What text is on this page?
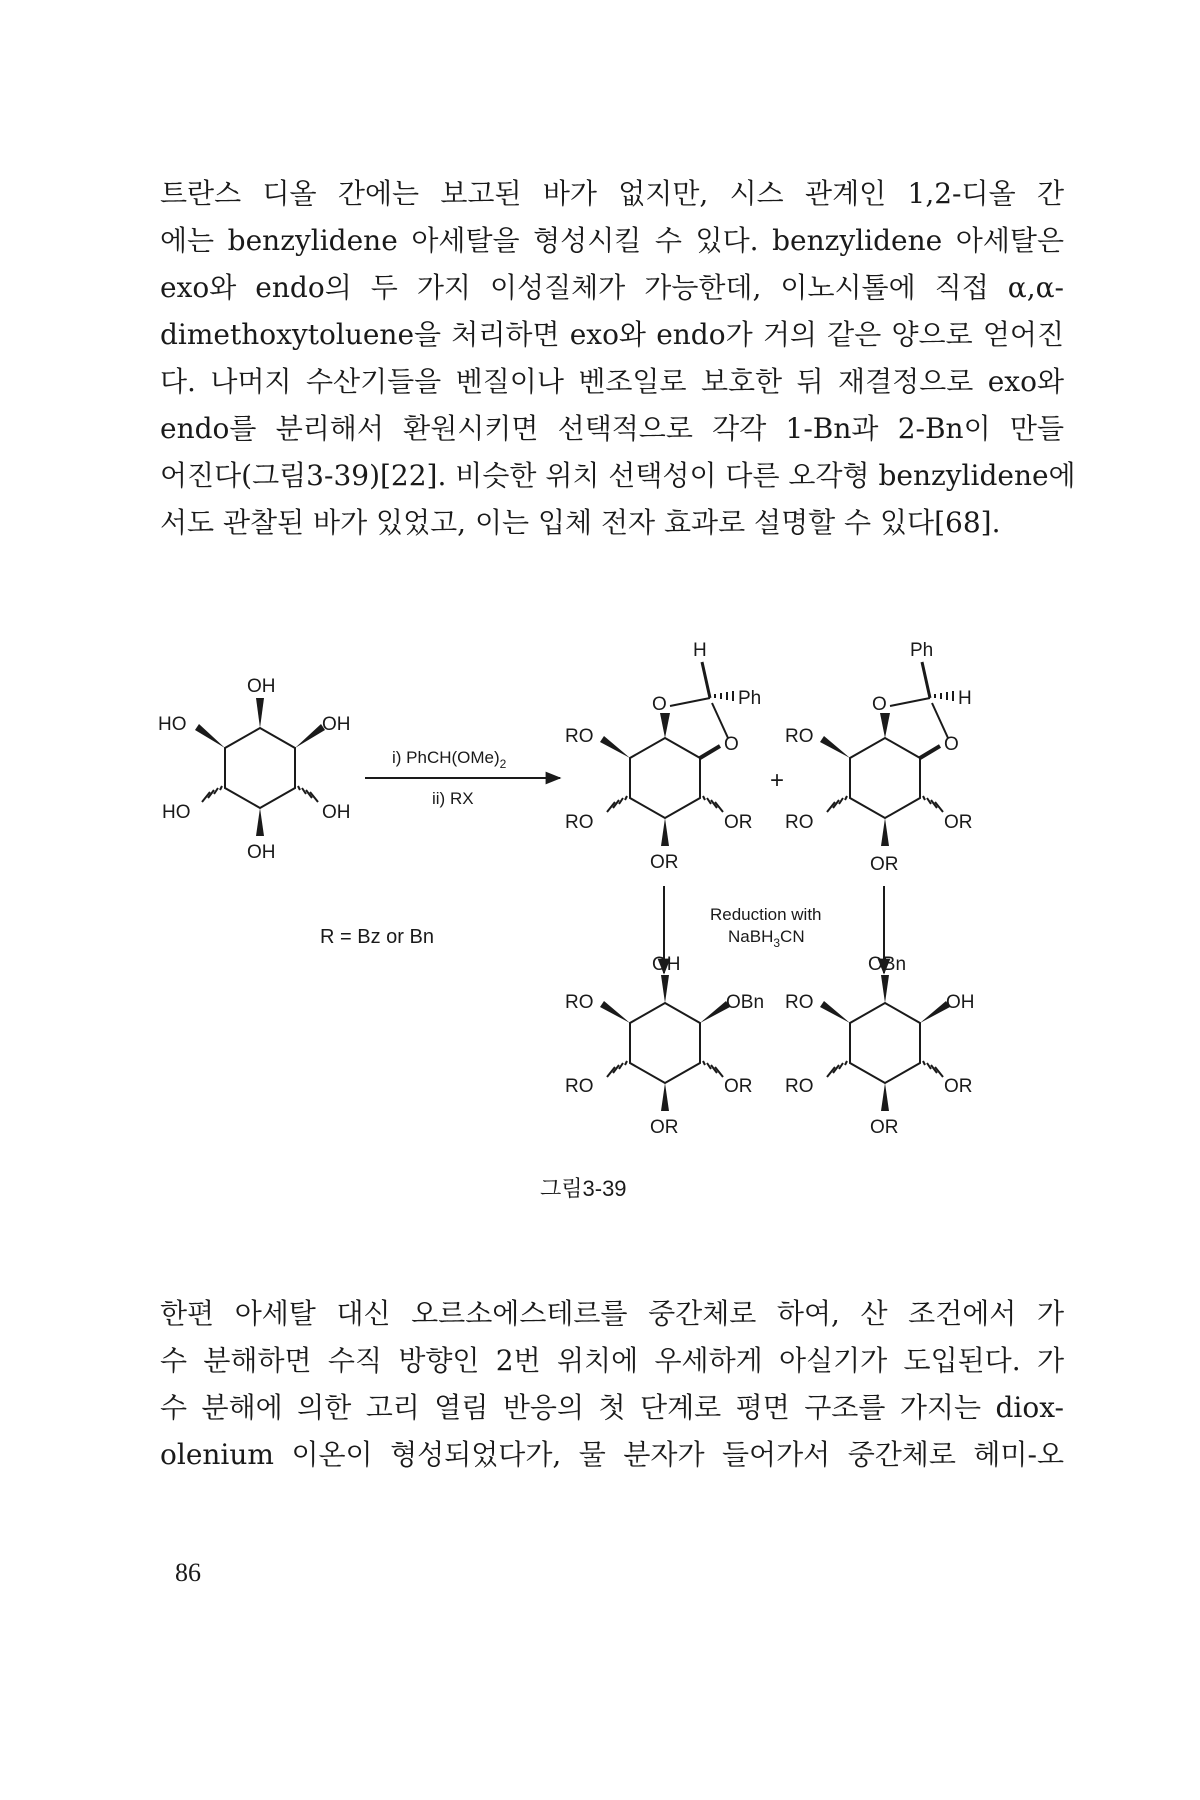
트란스 디올 간에는 보고된 바가 없지만, 시스 관계인 1,2-디올 간
에는 benzylidene 아세탈을 형성시킬 수 있다. benzylidene 아세탈은
exo와 endo의 두 가지 이성질체가 가능한데, 이노시톨에 직접 α,α-
dimethoxytoluene을 처리하면 exo와 endo가 거의 같은 양으로 얻어진
다. 나머지 수산기들을 벤질이나 벤조일로 보호한 뒤 재결정으로 exo와
endo를 분리해서 환원시키면 선택적으로 각각 1-Bn과 2-Bn이 만들
어진다(그림3-39)[22]. 비슷한 위치 선택성이 다른 오각형 benzylidene에
서도 관찰된 바가 있었고, 이는 입체 전자 효과로 설명할 수 있다[68].
OH
HO	OH
HO	OH
OH
i) $PhCH(OMe)_2$
ii) RX
H
Ph
O
O
RO
RO	OR
OR
+
Ph
H
O
O
RO
RO	OR
OR
Reduction with
NaBH$_3$CN
R = Bz or Bn
OH
RO	OBn
RO	OR
OR
OBn
RO	OH
RO	OR
OR
그림3-39
한편 아세탈 대신 오르소에스테르를 중간체로 하여, 산 조건에서 가
수 분해하면 수직 방향인 2번 위치에 우세하게 아실기가 도입된다. 가
수 분해에 의한 고리 열림 반응의 첫 단계로 평면 구조를 가지는 diox-
olenium 이온이 형성되었다가, 물 분자가 들어가서 중간체로 헤미-오
86
